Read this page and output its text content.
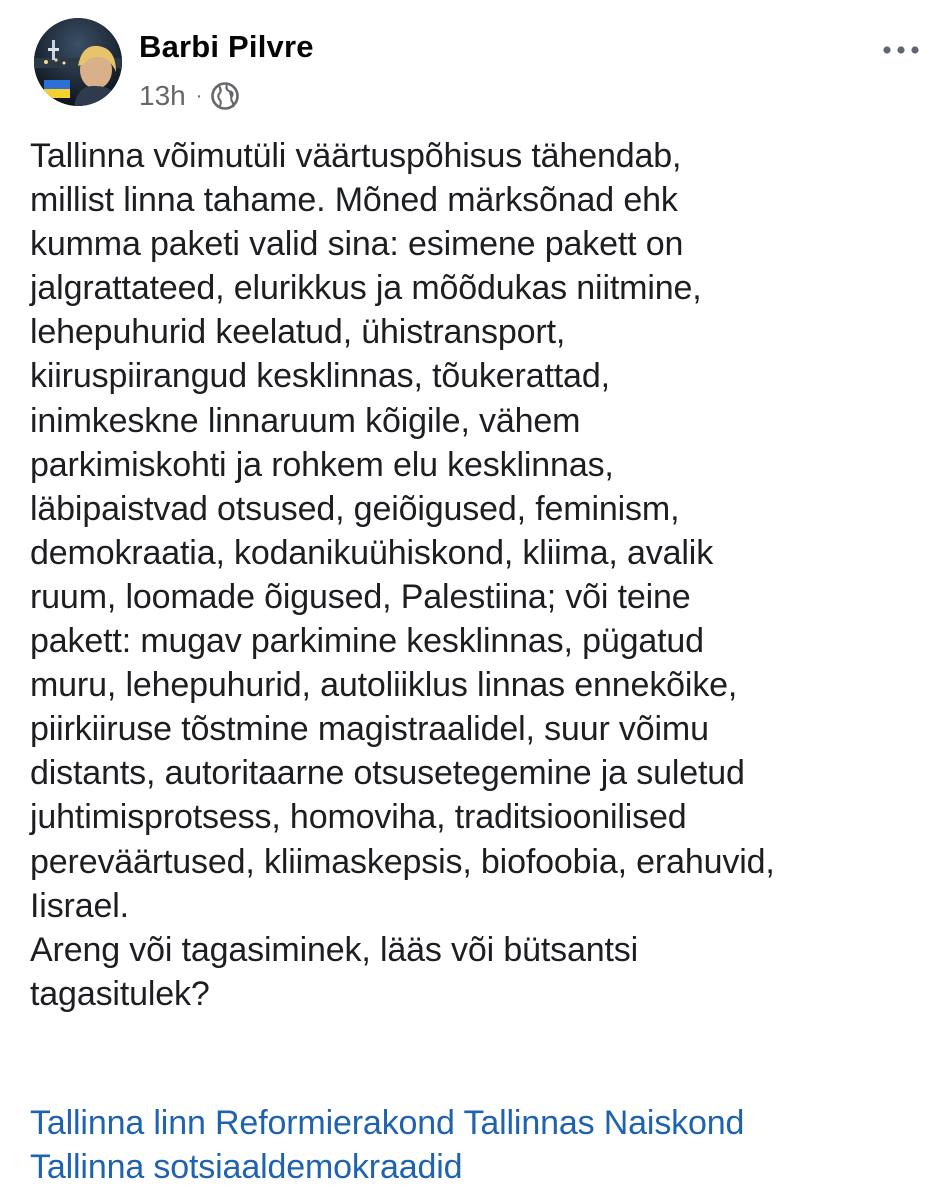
Barbi Pilvre
13h ·
Tallinna võimutüli väärtuspõhisus tähendab,
millist linna tahame. Mõned märksõnad ehk
kumma paketi valid sina: esimene pakett on
jalgrattateed, elurikkus ja mõõdukas niitmine,
lehepuhurid keelatud, ühistransport,
kiiruspiirangud kesklinnas, tõukerattad,
inimkeskne linnaruum kõigile, vähem
parkimiskohti ja rohkem elu kesklinnas,
läbipaistvad otsused, geiõigused, feminism,
demokraatia, kodanikuühiskond, kliima, avalik
ruum, loomade õigused, Palestiina; või teine
pakett: mugav parkimine kesklinnas, pügatud
muru, lehepuhurid, autoliiklus linnas ennekõike,
piirkiiruse tõstmine magistraalidel, suur võimu
distants, autoritaarne otsusetegemine ja suletud
juhtimisprotsess, homoviha, traditsioonilised
pereväärtused, kliimaskepsis, biofoobia, erahuvid,
Iisrael.
Areng või tagasiminek, lääs või bütsantsi
tagasitulek?
Tallinna linn Reformierakond Tallinnas Naiskond
Tallinna sotsiaaldemokraadid
